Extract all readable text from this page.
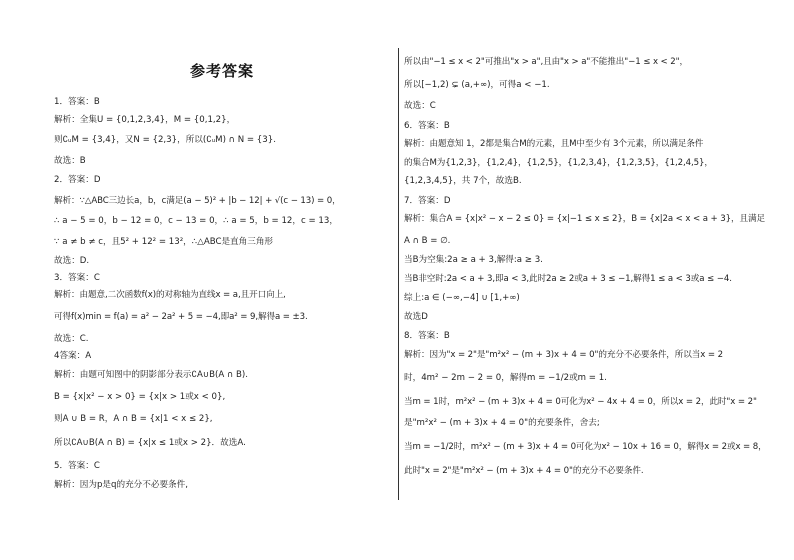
参考答案
1．答案：B
解析：全集U = {0,1,2,3,4}，M = {0,1,2}，
则∁ᵤM = {3,4}，又N = {2,3}，所以(∁ᵤM) ∩ N = {3}.
故选：B
2．答案：D
解析：∵△ABC三边长a，b，c满足(a − 5)² + |b − 12| + √(c − 13) = 0，
∴ a − 5 = 0，b − 12 = 0，c − 13 = 0，∴ a = 5，b = 12，c = 13，
∵ a ≠ b ≠ c，且5² + 12² = 13²，∴△ABC是直角三角形
故选：D.
3．答案：C
解析：由题意,二次函数f(x)的对称轴为直线x = a,且开口向上,
可得f(x)min = f(a) = a² − 2a² + 5 = −4,即a² = 9,解得a = ±3.
故选：C.
4答案：A
解析：由题可知图中的阴影部分表示∁A∪B(A ∩ B).
B = {x|x² − x > 0} = {x|x > 1或x < 0},
则A ∪ B = R，A ∩ B = {x|1 < x ≤ 2},
所以∁A∪B(A ∩ B) = {x|x ≤ 1或x > 2}．故选A.
5．答案：C
解析：因为p是q的充分不必要条件,
所以由"−1 ≤ x < 2"可推出"x > a",且由"x > a"不能推出"−1 ≤ x < 2"，
所以[−1,2) ⊊ (a,+∞)，可得a < −1.
故选：C
6．答案：B
解析：由题意知 1，2都是集合M的元素，且M中至少有 3个元素，所以满足条件
的集合M为{1,2,3}，{1,2,4}，{1,2,5}，{1,2,3,4}，{1,2,3,5}，{1,2,4,5}，
{1,2,3,4,5}，共 7个，故选B.
7．答案：D
解析：集合A = {x|x² − x − 2 ≤ 0} = {x|−1 ≤ x ≤ 2}，B = {x|2a < x < a + 3}，且满足
A ∩ B = ∅.
当B为空集:2a ≥ a + 3,解得:a ≥ 3.
当B非空时:2a < a + 3,即a < 3,此时2a ≥ 2或a + 3 ≤ −1,解得1 ≤ a < 3或a ≤ −4.
综上:a ∈ (−∞,−4] ∪ [1,+∞)
故选D
8．答案：B
解析：因为"x = 2"是"m²x² − (m + 3)x + 4 = 0"的充分不必要条件，所以当x = 2
时，4m² − 2m − 2 = 0，解得m = −1/2或m = 1.
当m = 1时，m²x² − (m + 3)x + 4 = 0可化为x² − 4x + 4 = 0，所以x = 2，此时"x = 2"
是"m²x² − (m + 3)x + 4 = 0"的充要条件，舍去;
当m = −1/2时，m²x² − (m + 3)x + 4 = 0可化为x² − 10x + 16 = 0，解得x = 2或x = 8，
此时"x = 2"是"m²x² − (m + 3)x + 4 = 0"的充分不必要条件.
